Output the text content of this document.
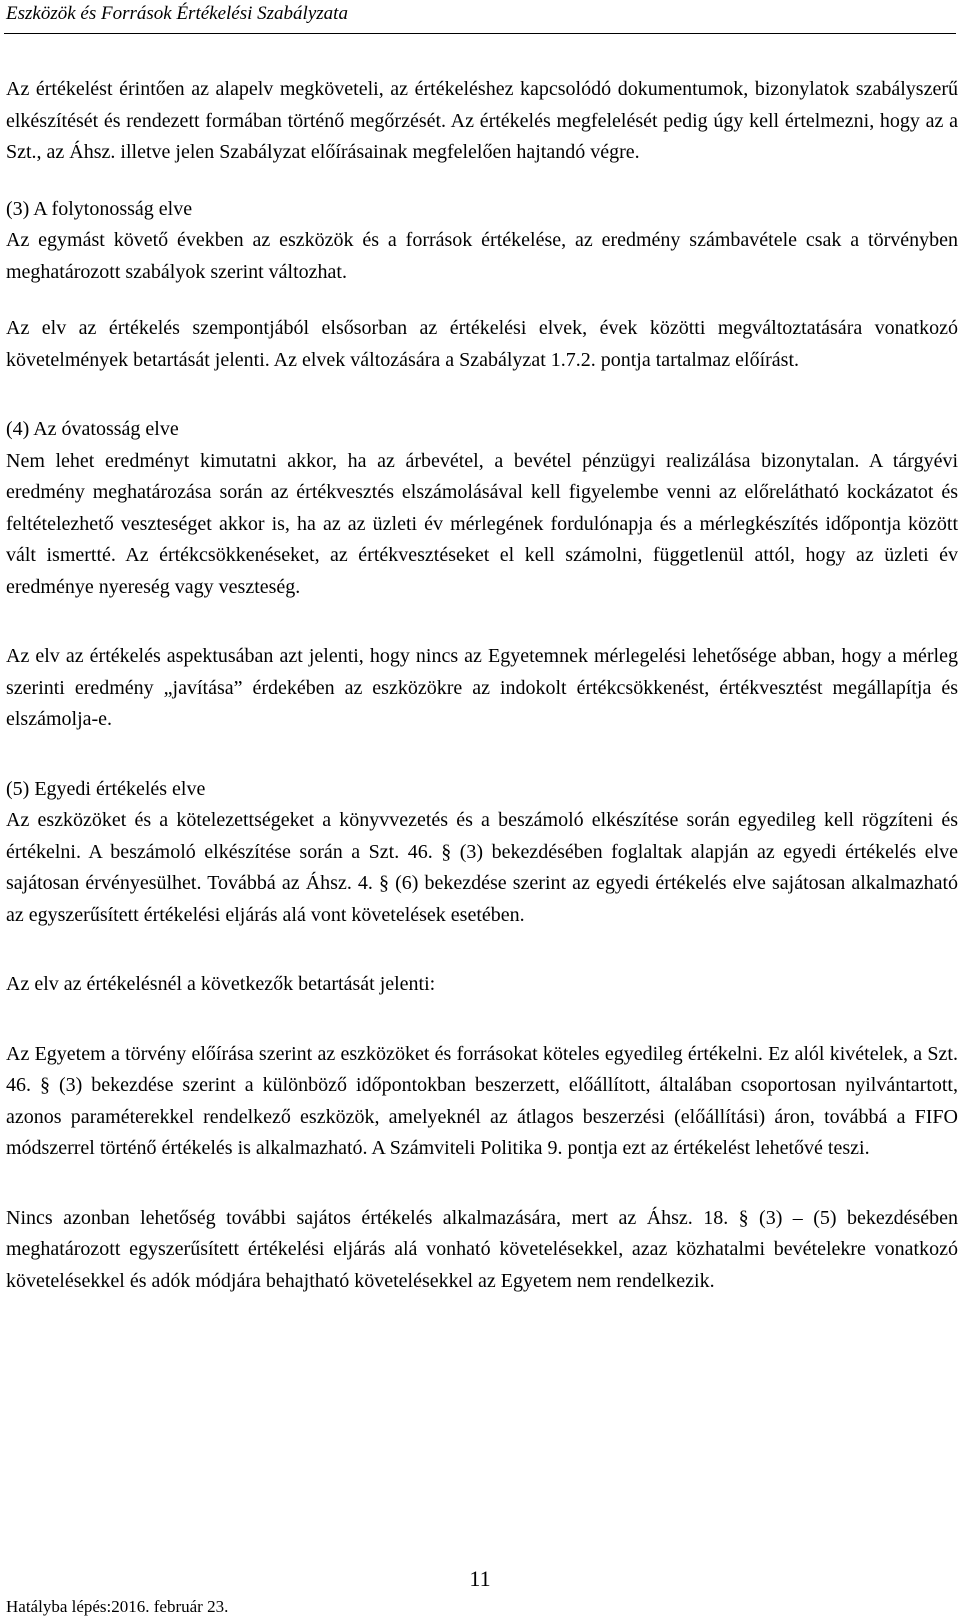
Eszközök és Források Értékelési Szabályzata

Az értékelést érintően az alapelv megköveteli, az értékeléshez kapcsolódó dokumentumok, bizonylatok szabályszerű elkészítését és rendezett formában történő megőrzését. Az értékelés megfelelését pedig úgy kell értelmezni, hogy az a Szt., az Áhsz. illetve jelen Szabályzat előírásainak megfelelően hajtandó végre.

(3) A folytonosság elve
Az egymást követő években az eszközök és a források értékelése, az eredmény számbavétele csak a törvényben meghatározott szabályok szerint változhat.

Az elv az értékelés szempontjából elsősorban az értékelési elvek, évek közötti megváltoztatására vonatkozó követelmények betartását jelenti. Az elvek változására a Szabályzat 1.7.2. pontja tartalmaz előírást.

(4) Az óvatosság elve
Nem lehet eredményt kimutatni akkor, ha az árbevétel, a bevétel pénzügyi realizálása bizonytalan. A tárgyévi eredmény meghatározása során az értékvesztés elszámolásával kell figyelembe venni az előrelátható kockázatot és feltételezhető veszteséget akkor is, ha az az üzleti év mérlegének fordulónapja és a mérlegkészítés időpontja között vált ismertté. Az értékcsökkenéseket, az értékvesztéseket el kell számolni, függetlenül attól, hogy az üzleti év eredménye nyereség vagy veszteség.

Az elv az értékelés aspektusában azt jelenti, hogy nincs az Egyetemnek mérlegelési lehetősége abban, hogy a mérleg szerinti eredmény „javítása” érdekében az eszközökre az indokolt értékcsökkenést, értékvesztést megállapítja és elszámolja-e.

(5) Egyedi értékelés elve
Az eszközöket és a kötelezettségeket a könyvvezetés és a beszámoló elkészítése során egyedileg kell rögzíteni és értékelni. A beszámoló elkészítése során a Szt. 46. § (3) bekezdésében foglaltak alapján az egyedi értékelés elve sajátosan érvényesülhet. Továbbá az Áhsz. 4. § (6) bekezdése szerint az egyedi értékelés elve sajátosan alkalmazható az egyszerűsített értékelési eljárás alá vont követelések esetében.

Az elv az értékelésnél a következők betartását jelenti:

Az Egyetem a törvény előírása szerint az eszközöket és forrásokat köteles egyedileg értékelni. Ez alól kivételek, a Szt. 46. § (3) bekezdése szerint a különböző időpontokban beszerzett, előállított, általában csoportosan nyilvántartott, azonos paraméterekkel rendelkező eszközök, amelyeknél az átlagos beszerzési (előállítási) áron, továbbá a FIFO módszerrel történő értékelés is alkalmazható. A Számviteli Politika 9. pontja ezt az értékelést lehetővé teszi.

Nincs azonban lehetőség további sajátos értékelés alkalmazására, mert az Áhsz. 18. § (3) – (5) bekezdésében meghatározott egyszerűsített értékelési eljárás alá vonható követelésekkel, azaz közhatalmi bevételekre vonatkozó követelésekkel és adók módjára behajtható követelésekkel az Egyetem nem rendelkezik.

11
Hatályba lépés:2016. február 23.
